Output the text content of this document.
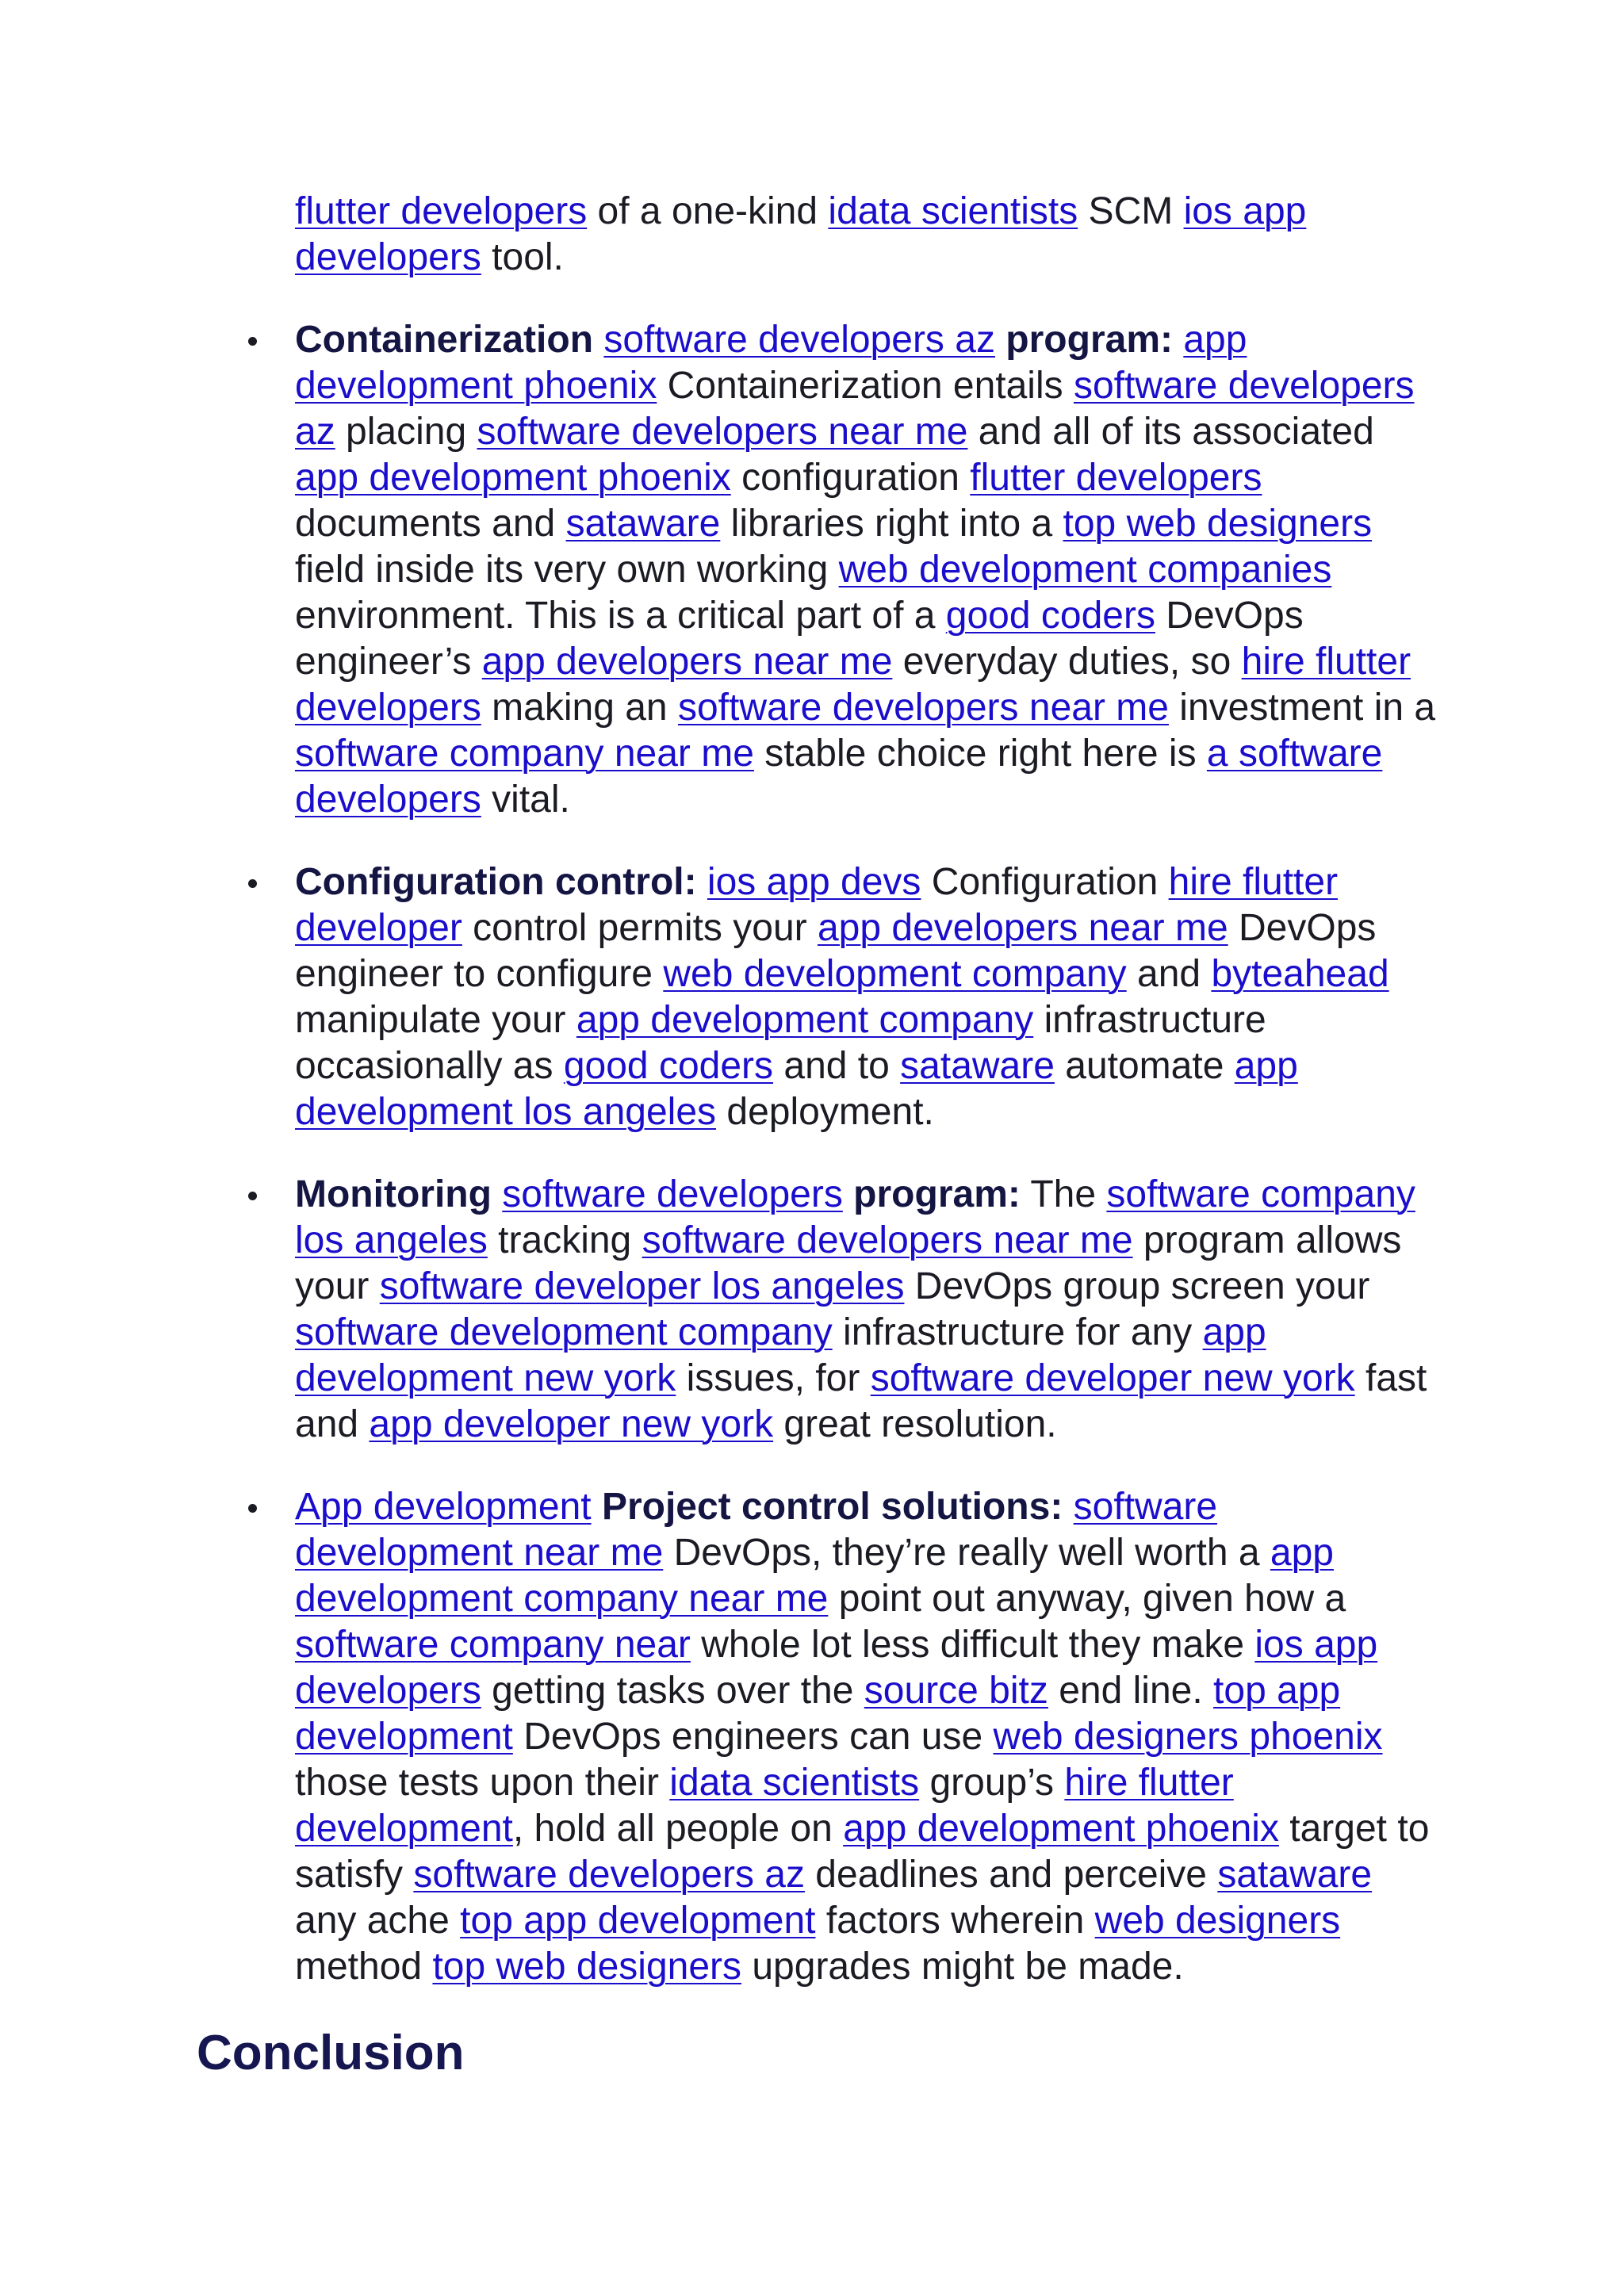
flutter developers of a one-kind idata scientists SCM ios app developers tool.

Containerization software developers az program: app development phoenix Containerization entails software developers az placing software developers near me and all of its associated app development phoenix configuration flutter developers documents and sataware libraries right into a top web designers field inside its very own working web development companies environment. This is a critical part of a good coders DevOps engineer’s app developers near me everyday duties, so hire flutter developers making an software developers near me investment in a software company near me stable choice right here is a software developers vital.
Configuration control: ios app devs Configuration hire flutter developer control permits your app developers near me DevOps engineer to configure web development company and byteahead manipulate your app development company infrastructure occasionally as good coders and to sataware automate app development los angeles deployment.
Monitoring software developers program: The software company los angeles tracking software developers near me program allows your software developer los angeles DevOps group screen your software development company infrastructure for any app development new york issues, for software developer new york fast and app developer new york great resolution.
App development Project control solutions: software development near me DevOps, they’re really well worth a app development company near me point out anyway, given how a software company near whole lot less difficult they make ios app developers getting tasks over the source bitz end line. top app development DevOps engineers can use web designers phoenix those tests upon their idata scientists group’s hire flutter development, hold all people on app development phoenix target to satisfy software developers az deadlines and perceive sataware any ache top app development factors wherein web designers method top web designers upgrades might be made.
Conclusion
